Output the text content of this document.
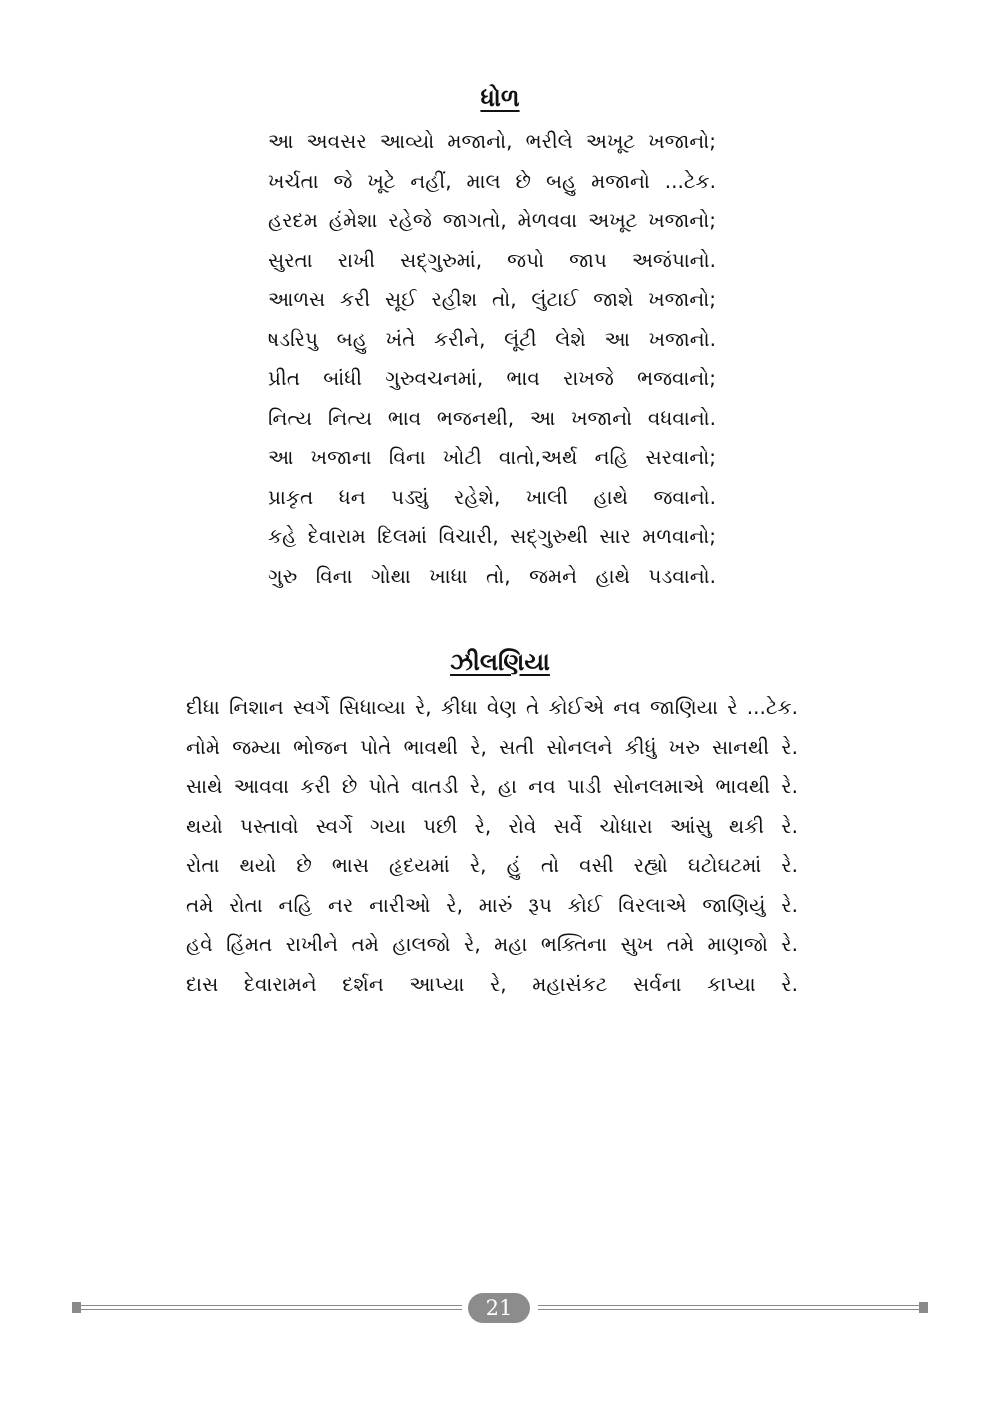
ધોળ
આ અવસર આવ્યો મજાનો, ભરીલે અખૂટ ખજાનો;
ખર્ચતા જે ખૂટે નહીં, માલ છે બહુ મજાનો ...ટેક.
હરદમ હંમેશા રહેજે જાગતો, મેળવવા અખૂટ ખજાનો;
સુરતા રાખી સદ્‌ગુરુમાં, જપો જાપ અજંપાનો.
આળસ કરી સૂઈ રહીશ તો, લુંટાઈ જાશે ખજાનો;
ષડરિપુ બહુ ખંતે કરીને, લૂંટી લેશે આ ખજાનો.
પ્રીત બાંધી ગુરુવચનમાં, ભાવ રાખજે ભજવાનો;
નિત્ય નિત્ય ભાવ ભજનથી, આ ખજાનો વધવાનો.
આ ખજાના વિના ખોટી વાતો,અર્થ નહિ સરવાનો;
પ્રાકૃત ધન પડ્યું રહેશે, ખાલી હાથે જવાનો.
કહે દેવારામ દિલમાં વિચારી, સદ્‌ગુરુથી સાર મળવાનો;
ગુરુ વિના ગોથા ખાધા તો, જમને હાથે પડવાનો.
ઝીલણિયા
દીધા નિશાન સ્વર્ગે સિધાવ્યા રે, કીધા વેણ તે કોઈએ નવ જાણિયા રે ...ટેક.
નોમે જમ્યા ભોજન પોતે ભાવથી રે, સતી સોનલને કીધું ખરુ સાનથી રે.
સાથે આવવા કરી છે પોતે વાતડી રે, હા નવ પાડી સોનલમાએ ભાવથી રે.
થયો પસ્તાવો સ્વર્ગે ગયા પછી રે, રોવે સર્વે ચોધારા આંસુ થકી રે.
રોતા થયો છે ભાસ હૃદયમાં રે, હું તો વસી રહ્યો ઘટોઘટમાં રે.
તમે રોતા નહિ નર નારીઓ રે, મારું રૂપ કોઈ વિરલાએ જાણિયું રે.
હવે હિંમત રાખીને તમે હાલજો રે, મહા ભક્તિના સુખ તમે માણજો રે.
દાસ દેવારામને દર્શન આપ્યા રે, મહાસંકટ સર્વના કાપ્યા રે.
21
